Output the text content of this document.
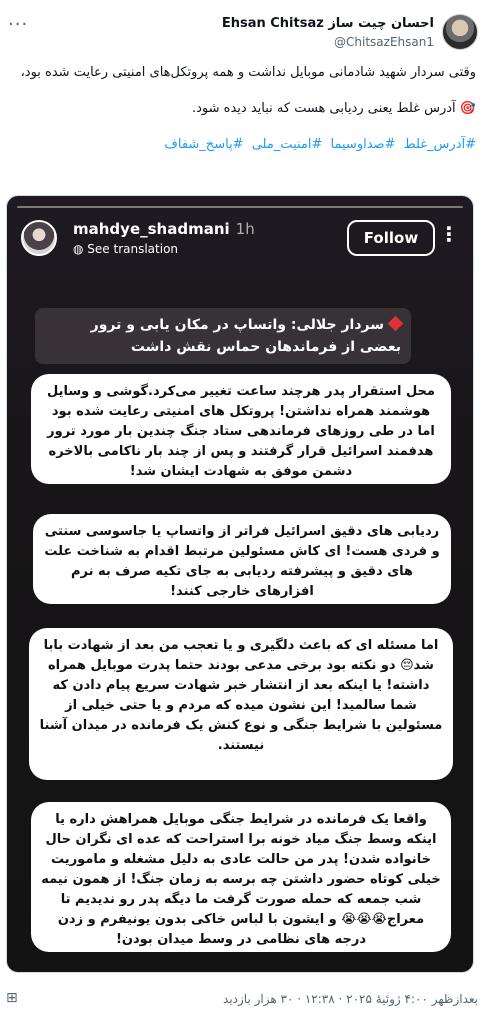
···	احسان چیت ساز Ehsan Chitsaz
@ChitsazEhsan1

وقتی سردار شهید شادمانی موبایل نداشت و همه پروتکل‌های امنیتی رعایت شده بود،

🎯 آدرس غلط یعنی ردیابی هست که نباید دیده شود.

#آدرس_غلط #صداوسیما #امنیت_ملی #پاسخ_شفاف

mahdye_shadmani 1h
◍ See translation
Follow	⋮
سردار جلالی: واتساپ در مکان یابی و ترور بعضی از فرماندهان حماس نقش داشت
محل استقرار پدر هرچند ساعت تغییر می‌کرد.گوشی و وسایل هوشمند همراه نداشتن! پروتکل های امنیتی رعایت شده بود اما در طی روزهای فرماندهی ستاد جنگ چندین بار مورد ترور هدفمند اسرائیل قرار گرفتند و پس از چند بار ناکامی بالاخره دشمن موفق به شهادت ایشان شد!
ردیابی های دقیق اسرائیل فراتر از واتساپ یا جاسوسی سنتی و فردی هست! ای کاش مسئولین مرتبط اقدام به شناخت علت های دقیق و پیشرفته ردیابی به جای تکیه صرف به نرم افزارهای خارجی کنند!
اما مسئله ای که باعث دلگیری و یا تعجب من بعد از شهادت بابا شد😔 دو نکته بود برخی مدعی بودند حتما پدرت موبایل همراه داشته! یا اینکه بعد از انتشار خبر شهادت سریع پیام دادن که شما سالمید! این نشون میده که مردم و یا حتی خیلی از مسئولین با شرایط جنگی و نوع کنش یک فرمانده در میدان آشنا نیستند.
واقعا یک فرمانده در شرایط جنگی موبایل همراهش داره یا اینکه وسط جنگ میاد خونه برا استراحت که عده ای نگران حال خانواده شدن! پدر من حالت عادی به دلیل مشغله و ماموریت خیلی کوتاه حضور داشتن چه برسه به زمان جنگ! از همون نیمه شب جمعه که حمله صورت گرفت ما دیگه پدر رو ندیدیم تا معراج😭😭😭 و ایشون با لباس خاکی بدون یونیفرم و زدن درجه های نظامی در وسط میدان بودن!
⊞	بعدازظهر ۴:۰۰ ژوئیهٔ ۲۰۲۵ · ۱۲:۳۸ · ۳۰ هزار بازدید
